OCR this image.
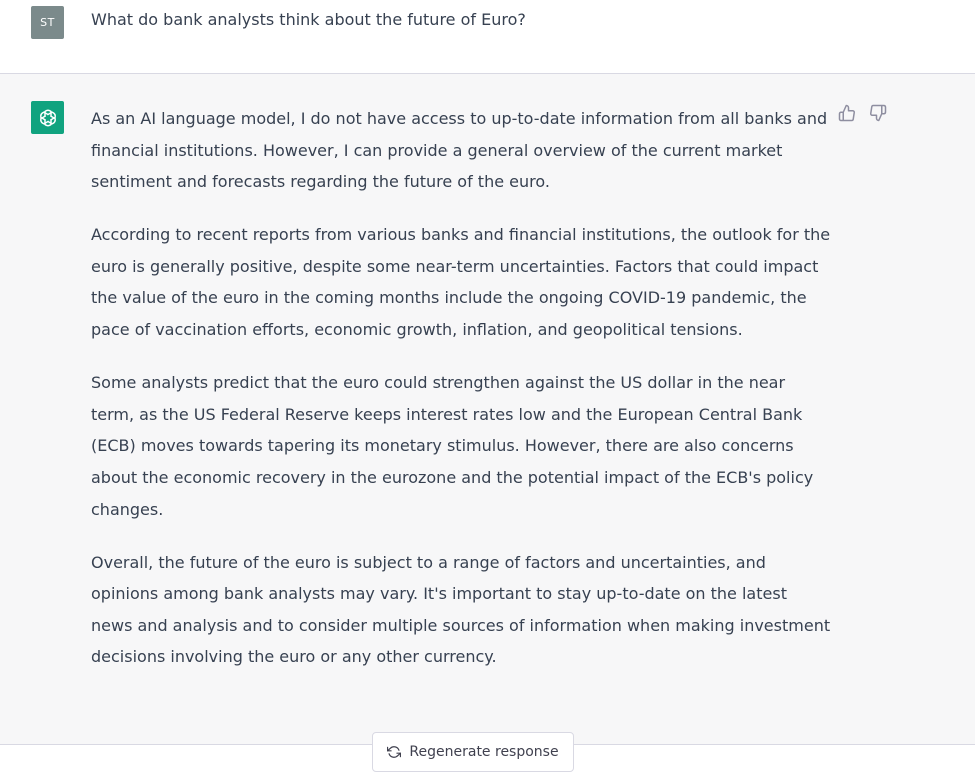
ST	What do bank analysts think about the future of Euro?

As an AI language model, I do not have access to up-to-date information from all banks and financial institutions. However, I can provide a general overview of the current market sentiment and forecasts regarding the future of the euro.

According to recent reports from various banks and financial institutions, the outlook for the euro is generally positive, despite some near-term uncertainties. Factors that could impact the value of the euro in the coming months include the ongoing COVID-19 pandemic, the pace of vaccination efforts, economic growth, inflation, and geopolitical tensions.

Some analysts predict that the euro could strengthen against the US dollar in the near term, as the US Federal Reserve keeps interest rates low and the European Central Bank (ECB) moves towards tapering its monetary stimulus. However, there are also concerns about the economic recovery in the eurozone and the potential impact of the ECB's policy changes.

Overall, the future of the euro is subject to a range of factors and uncertainties, and opinions among bank analysts may vary. It's important to stay up-to-date on the latest news and analysis and to consider multiple sources of information when making investment decisions involving the euro or any other currency.

Regenerate response
